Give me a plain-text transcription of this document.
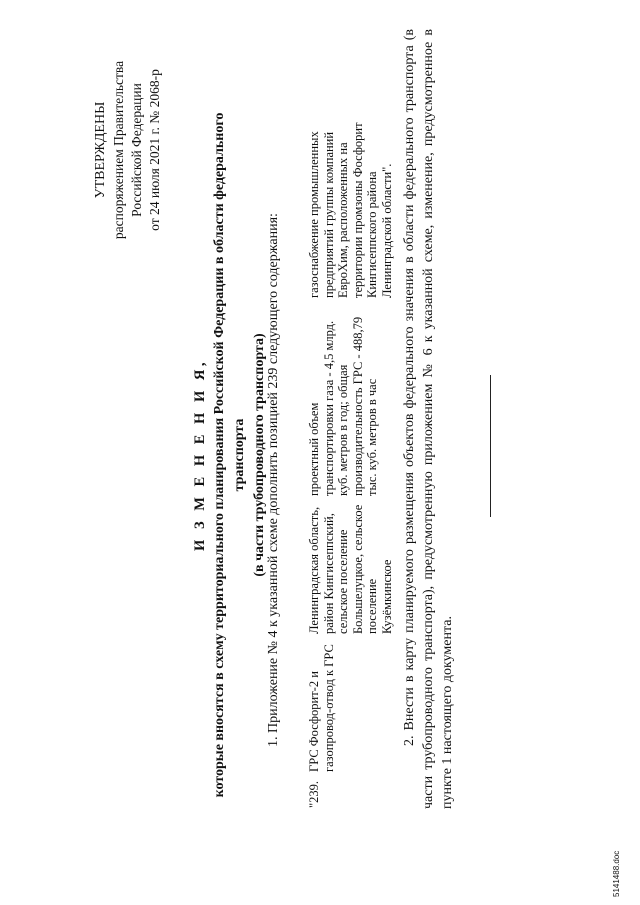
УТВЕРЖДЕНЫ распоряжением Правительства Российской Федерации от 24 июля 2021 г. № 2068-р
И З М Е Н Е Н И Я, которые вносятся в схему территориального планирования Российской Федерации в области федерального транспорта (в части трубопроводного транспорта) 1. Приложение № 4 к указанной схеме дополнить позицией 239 следующего содержания:
"239.	ГРС Фосфорит-2 и газопровод-отвод к ГРС	Ленинградская область, район Кингисеппский, сельское поселение Большелуцкое, сельское поселение Кузёмкинское	проектный объем транспортировки газа - 4,5 млрд. куб. метров в год; общая производительность ГРС - 488,79 тыс. куб. метров в час	газоснабжение промышленных предприятий группы компаний ЕвроХим, расположенных на территории промзоны Фосфорит Кингисеппского района Ленинградской области". 2. Внести в карту планируемого размещения объектов федерального значения в области федерального транспорта (в части трубопроводного транспорта), предусмотренную приложением № 6 к указанной схеме, изменение, предусмотренное в пункте 1 настоящего документа.
5141488.doc
